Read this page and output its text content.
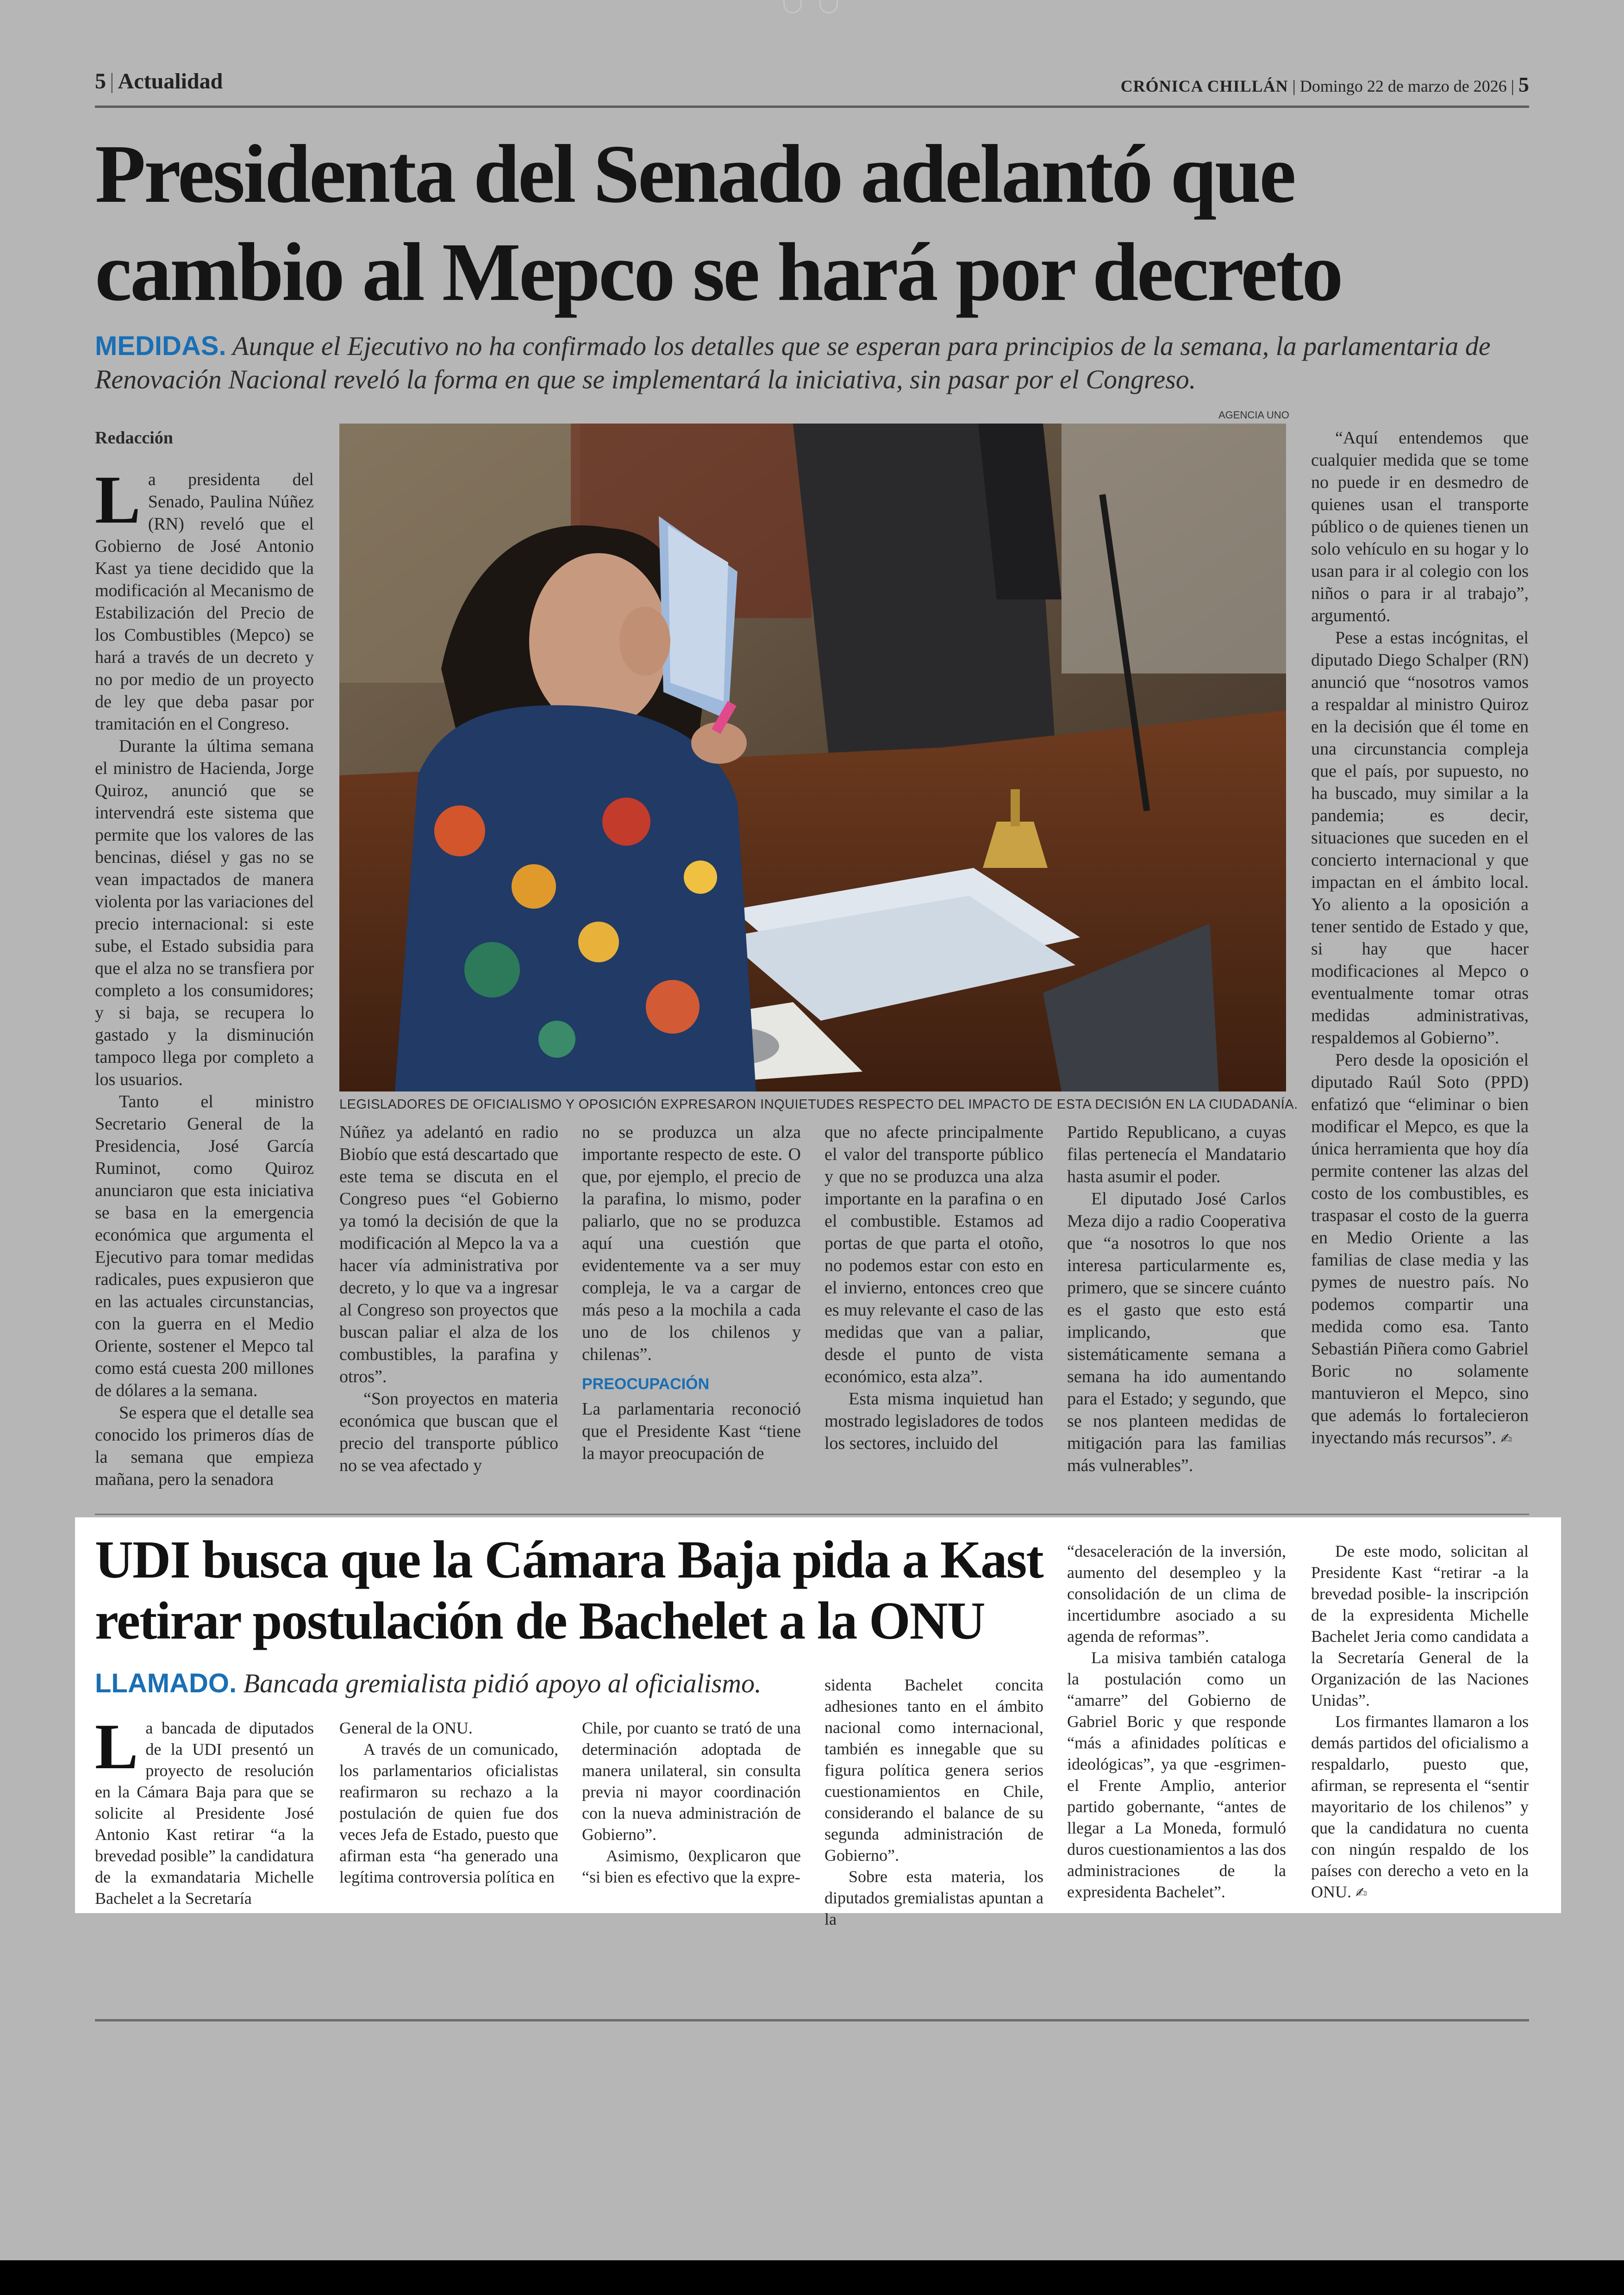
5 | Actualidad	CRÓNICA CHILLÁN | Domingo 22 de marzo de 2026 | 5
Presidenta del Senado adelantó que cambio al Mepco se hará por decreto
MEDIDAS. Aunque el Ejecutivo no ha confirmado los detalles que se esperan para principios de la semana, la parlamentaria de Renovación Nacional reveló la forma en que se implementará la iniciativa, sin pasar por el Congreso.
Redacción
AGENCIA UNO
LEGISLADORES DE OFICIALISMO Y OPOSICIÓN EXPRESARON INQUIETUDES RESPECTO DEL IMPACTO DE ESTA DECISIÓN EN LA CIUDADANÍA.

La presidenta del Senado, Paulina Núñez (RN) reveló que el Gobierno de José Antonio Kast ya tiene decidido que la modificación al Mecanismo de Estabilización del Precio de los Combustibles (Mepco) se hará a través de un decreto y no por medio de un proyecto de ley que deba pasar por tramitación en el Congreso.

Durante la última semana el ministro de Hacienda, Jorge Quiroz, anunció que se intervendrá este sistema que permite que los valores de las bencinas, diésel y gas no se vean impactados de manera violenta por las variaciones del precio internacional: si este sube, el Estado subsidia para que el alza no se transfiera por completo a los consumidores; y si baja, se recupera lo gastado y la disminución tampoco llega por completo a los usuarios.

Tanto el ministro Secretario General de la Presidencia, José García Ruminot, como Quiroz anunciaron que esta iniciativa se basa en la emergencia económica que argumenta el Ejecutivo para tomar medidas radicales, pues expusieron que en las actuales circunstancias, con la guerra en el Medio Oriente, sostener el Mepco tal como está cuesta 200 millones de dólares a la semana.

Se espera que el detalle sea conocido los primeros días de la semana que empieza mañana, pero la senadora

Núñez ya adelantó en radio Biobío que está descartado que este tema se discuta en el Congreso pues “el Gobierno ya tomó la decisión de que la modificación al Mepco la va a hacer vía administrativa por decreto, y lo que va a ingresar al Congreso son proyectos que buscan paliar el alza de los combustibles, la parafina y otros”.

“Son proyectos en materia económica que buscan que el precio del transporte público no se vea afectado y

no se produzca un alza importante respecto de este. O que, por ejemplo, el precio de la parafina, lo mismo, poder paliarlo, que no se produzca aquí una cuestión que evidentemente va a ser muy compleja, le va a cargar de más peso a la mochila a cada uno de los chilenos y chilenas”.

PREOCUPACIÓN

La parlamentaria reconoció que el Presidente Kast “tiene la mayor preocupación de

que no afecte principalmente el valor del transporte público y que no se produzca una alza importante en la parafina o en el combustible. Estamos ad portas de que parta el otoño, no podemos estar con esto en el invierno, entonces creo que es muy relevante el caso de las medidas que van a paliar, desde el punto de vista económico, esta alza”.

Esta misma inquietud han mostrado legisladores de todos los sectores, incluido del

Partido Republicano, a cuyas filas pertenecía el Mandatario hasta asumir el poder.

El diputado José Carlos Meza dijo a radio Cooperativa que “a nosotros lo que nos interesa particularmente es, primero, que se sincere cuánto es el gasto que esto está implicando, que sistemáticamente semana a semana ha ido aumentando para el Estado; y segundo, que se nos planteen medidas de mitigación para las familias más vulnerables”.

“Aquí entendemos que cualquier medida que se tome no puede ir en desmedro de quienes usan el transporte público o de quienes tienen un solo vehículo en su hogar y lo usan para ir al colegio con los niños o para ir al trabajo”, argumentó.

Pese a estas incógnitas, el diputado Diego Schalper (RN) anunció que “nosotros vamos a respaldar al ministro Quiroz en la decisión que él tome en una circunstancia compleja que el país, por supuesto, no ha buscado, muy similar a la pandemia; es decir, situaciones que suceden en el concierto internacional y que impactan en el ámbito local. Yo aliento a la oposición a tener sentido de Estado y que, si hay que hacer modificaciones al Mepco o eventualmente tomar otras medidas administrativas, respaldemos al Gobierno”.

Pero desde la oposición el diputado Raúl Soto (PPD) enfatizó que “eliminar o bien modificar el Mepco, es que la única herramienta que hoy día permite contener las alzas del costo de los combustibles, es traspasar el costo de la guerra en Medio Oriente a las familias de clase media y las pymes de nuestro país. No podemos compartir una medida como esa. Tanto Sebastián Piñera como Gabriel Boric no solamente mantuvieron el Mepco, sino que además lo fortalecieron inyectando más recursos”. ✍

UDI busca que la Cámara Baja pida a Kast retirar postulación de Bachelet a la ONU
LLAMADO. Bancada gremialista pidió apoyo al oficialismo.

La bancada de diputados de la UDI presentó un proyecto de resolución en la Cámara Baja para que se solicite al Presidente José Antonio Kast retirar “a la brevedad posible” la candidatura de la exmandataria Michelle Bachelet a la Secretaría

General de la ONU.

A través de un comunicado, los parlamentarios oficialistas reafirmaron su rechazo a la postulación de quien fue dos veces Jefa de Estado, puesto que afirman esta “ha generado una legítima controversia política en

Chile, por cuanto se trató de una determinación adoptada de manera unilateral, sin consulta previa ni mayor coordinación con la nueva administración de Gobierno”.

Asimismo, 0explicaron que “si bien es efectivo que la expre-

sidenta Bachelet concita adhesiones tanto en el ámbito nacional como internacional, también es innegable que su figura política genera serios cuestionamientos en Chile, considerando el balance de su segunda administración de Gobierno”.

Sobre esta materia, los diputados gremialistas apuntan a la

“desaceleración de la inversión, aumento del desempleo y la consolidación de un clima de incertidumbre asociado a su agenda de reformas”.

La misiva también cataloga la postulación como un “amarre” del Gobierno de Gabriel Boric y que responde “más a afinidades políticas e ideológicas”, ya que -esgrimen- el Frente Amplio, anterior partido gobernante, “antes de llegar a La Moneda, formuló duros cuestionamientos a las dos administraciones de la expresidenta Bachelet”.

De este modo, solicitan al Presidente Kast “retirar -a la brevedad posible- la inscripción de la expresidenta Michelle Bachelet Jeria como candidata a la Secretaría General de la Organización de las Naciones Unidas”.

Los firmantes llamaron a los demás partidos del oficialismo a respaldarlo, puesto que, afirman, se representa el “sentir mayoritario de los chilenos” y que la candidatura no cuenta con ningún respaldo de los países con derecho a veto en la ONU. ✍
